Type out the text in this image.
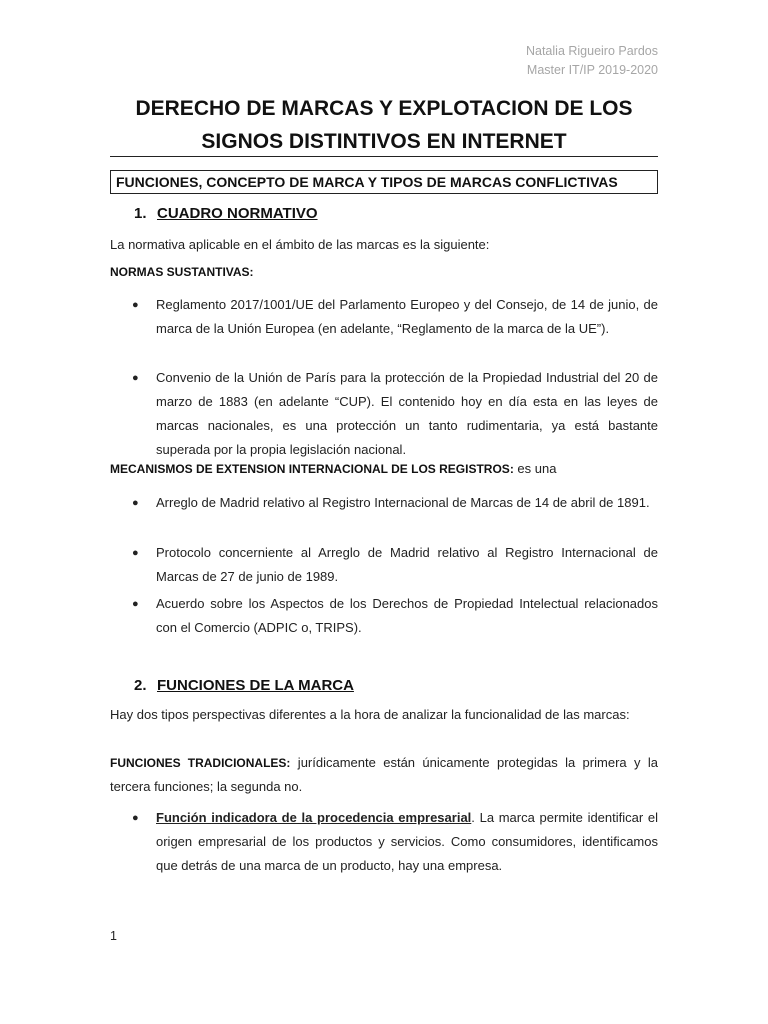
Natalia Rigueiro Pardos
Master IT/IP 2019-2020
DERECHO DE MARCAS Y EXPLOTACION DE LOS
SIGNOS DISTINTIVOS EN INTERNET
FUNCIONES, CONCEPTO DE MARCA Y TIPOS DE MARCAS CONFLICTIVAS
1. CUADRO NORMATIVO
La normativa aplicable en el ámbito de las marcas es la siguiente:
NORMAS SUSTANTIVAS:
● Reglamento 2017/1001/UE del Parlamento Europeo y del Consejo, de 14 de junio, de marca de la Unión Europea (en adelante, “Reglamento de la marca de la UE”).
● Convenio de la Unión de París para la protección de la Propiedad Industrial del 20 de marzo de 1883 (en adelante “CUP). El contenido hoy en día esta en las leyes de marcas nacionales, es una protección un tanto rudimentaria, ya está bastante superada por la propia legislación nacional.
MECANISMOS DE EXTENSION INTERNACIONAL DE LOS REGISTROS: es una
● Arreglo de Madrid relativo al Registro Internacional de Marcas de 14 de abril de 1891.
● Protocolo concerniente al Arreglo de Madrid relativo al Registro Internacional de Marcas de 27 de junio de 1989.
● Acuerdo sobre los Aspectos de los Derechos de Propiedad Intelectual relacionados con el Comercio (ADPIC o, TRIPS).
2. FUNCIONES DE LA MARCA
Hay dos tipos perspectivas diferentes a la hora de analizar la funcionalidad de las marcas:
FUNCIONES TRADICIONALES: jurídicamente están únicamente protegidas la primera y la tercera funciones; la segunda no.
● Función indicadora de la procedencia empresarial. La marca permite identificar el origen empresarial de los productos y servicios. Como consumidores, identificamos que detrás de una marca de un producto, hay una empresa.
1
